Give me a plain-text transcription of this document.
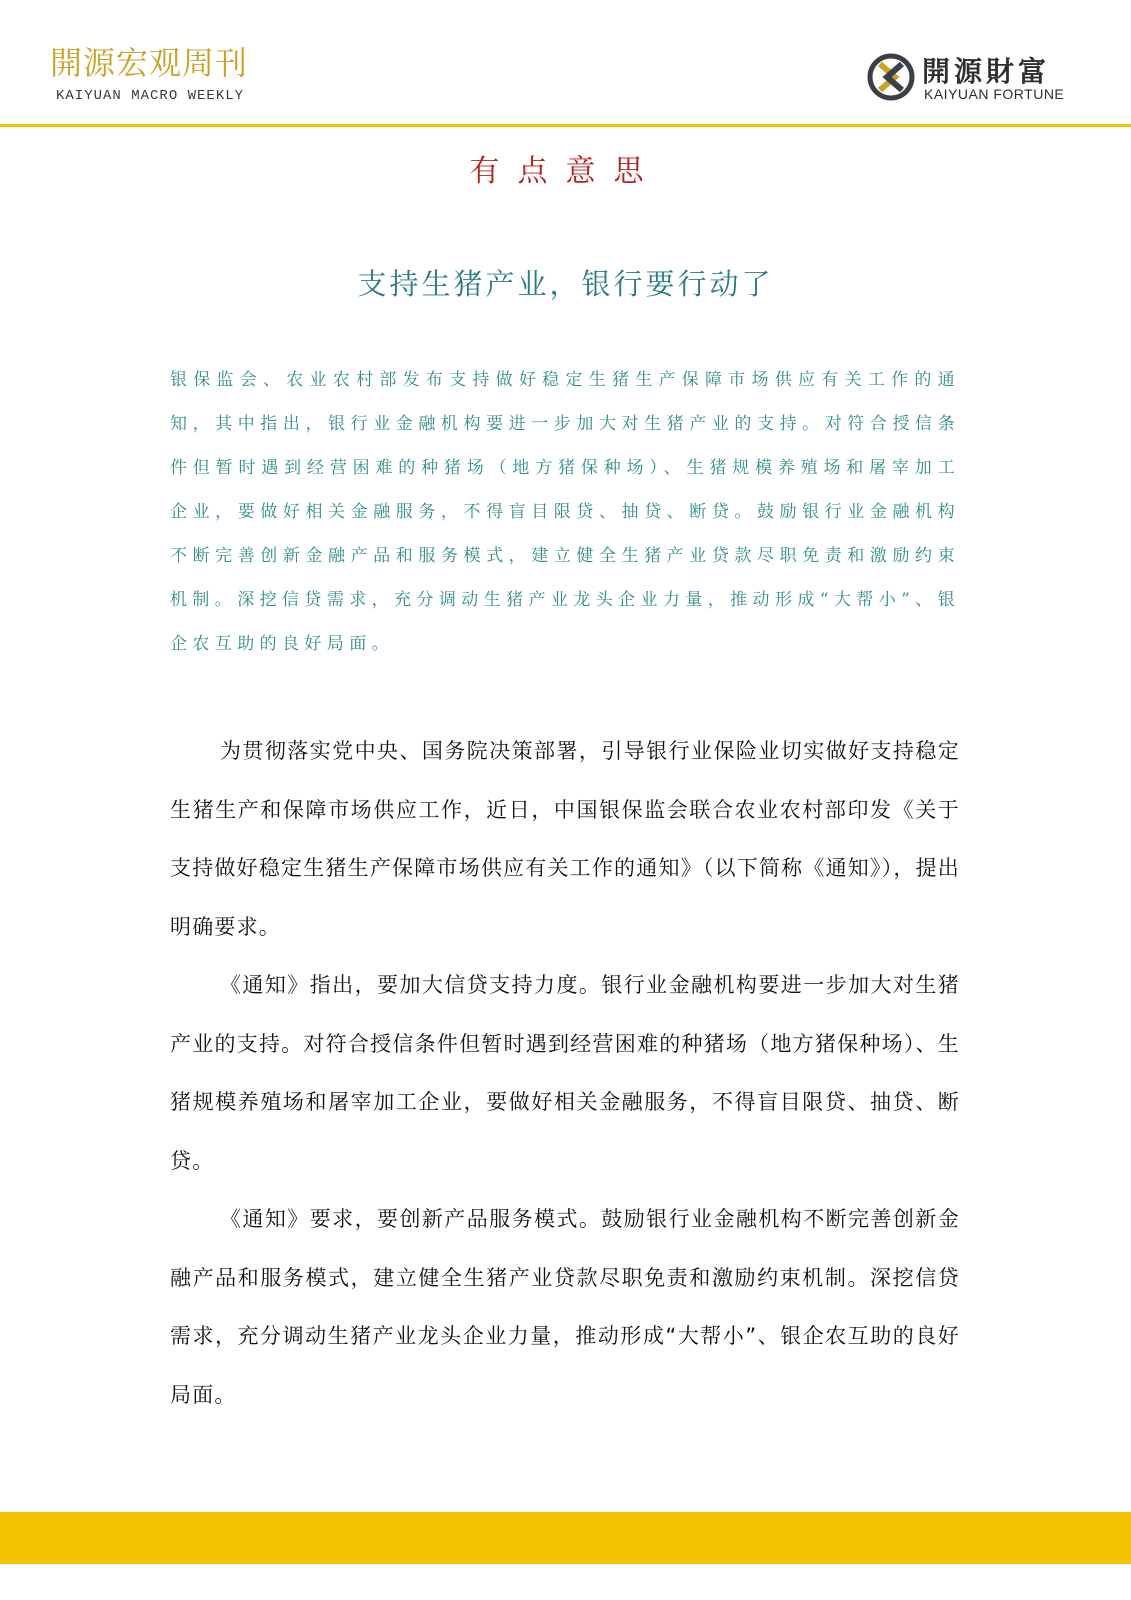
開源宏观周刊
KAIYUAN MACRO WEEKLY
開源財富
KAIYUAN FORTUNE
有点意思
支持生猪产业，银行要行动了

银保监会、农业农村部发布支持做好稳定生猪生产保障市场供应有关工作的通知，其中指出，银行业金融机构要进一步加大对生猪产业的支持。对符合授信条件但暂时遇到经营困难的种猪场（地方猪保种场）、生猪规模养殖场和屠宰加工企业，要做好相关金融服务，不得盲目限贷、抽贷、断贷。鼓励银行业金融机构不断完善创新金融产品和服务模式，建立健全生猪产业贷款尽职免责和激励约束机制。深挖信贷需求，充分调动生猪产业龙头企业力量，推动形成“大帮小”、银企农互助的良好局面。

为贯彻落实党中央、国务院决策部署，引导银行业保险业切实做好支持稳定生猪生产和保障市场供应工作，近日，中国银保监会联合农业农村部印发《关于支持做好稳定生猪生产保障市场供应有关工作的通知》（以下简称《通知》），提出明确要求。

《通知》指出，要加大信贷支持力度。银行业金融机构要进一步加大对生猪产业的支持。对符合授信条件但暂时遇到经营困难的种猪场（地方猪保种场）、生猪规模养殖场和屠宰加工企业，要做好相关金融服务，不得盲目限贷、抽贷、断贷。

《通知》要求，要创新产品服务模式。鼓励银行业金融机构不断完善创新金融产品和服务模式，建立健全生猪产业贷款尽职免责和激励约束机制。深挖信贷需求，充分调动生猪产业龙头企业力量，推动形成“大帮小”、银企农互助的良好局面。
